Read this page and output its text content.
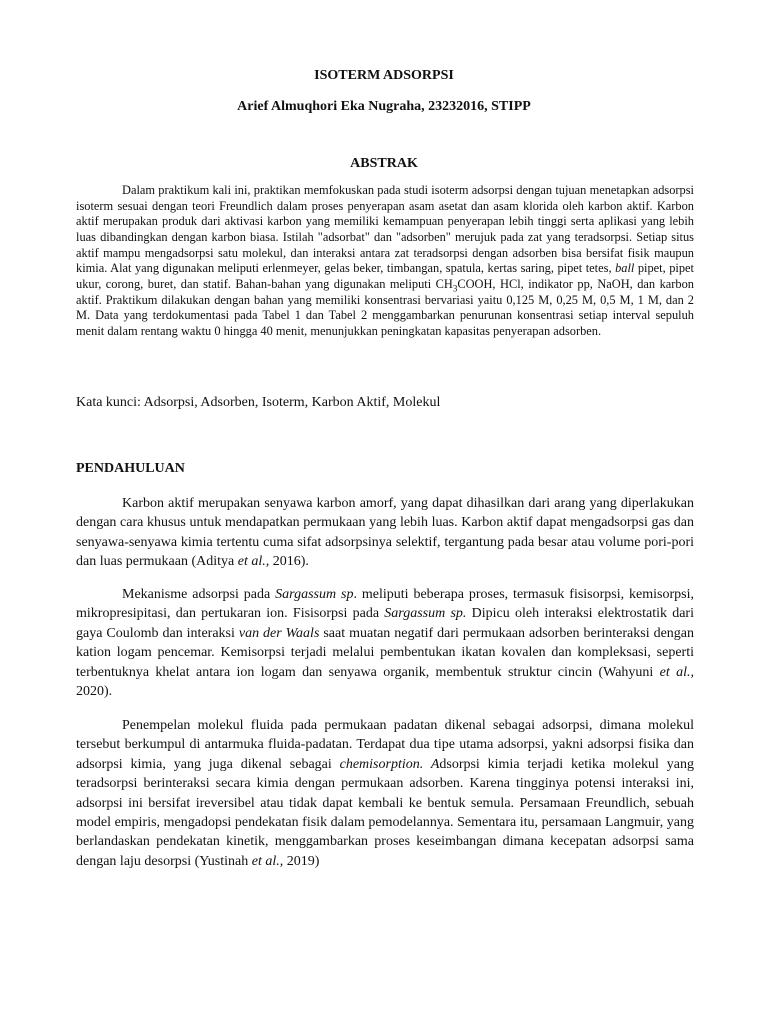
ISOTERM ADSORPSI
Arief Almuqhori Eka Nugraha, 23232016, STIPP
ABSTRAK

Dalam praktikum kali ini, praktikan memfokuskan pada studi isoterm adsorpsi dengan tujuan menetapkan adsorpsi isoterm sesuai dengan teori Freundlich dalam proses penyerapan asam asetat dan asam klorida oleh karbon aktif. Karbon aktif merupakan produk dari aktivasi karbon yang memiliki kemampuan penyerapan lebih tinggi serta aplikasi yang lebih luas dibandingkan dengan karbon biasa. Istilah "adsorbat" dan "adsorben" merujuk pada zat yang teradsorpsi. Setiap situs aktif mampu mengadsorpsi satu molekul, dan interaksi antara zat teradsorpsi dengan adsorben bisa bersifat fisik maupun kimia. Alat yang digunakan meliputi erlenmeyer, gelas beker, timbangan, spatula, kertas saring, pipet tetes, ball pipet, pipet ukur, corong, buret, dan statif. Bahan-bahan yang digunakan meliputi $CH_3COOH$, HCl, indikator pp, NaOH, dan karbon aktif. Praktikum dilakukan dengan bahan yang memiliki konsentrasi bervariasi yaitu 0,125 M, 0,25 M, 0,5 M, 1 M, dan 2 M. Data yang terdokumentasi pada Tabel 1 dan Tabel 2 menggambarkan penurunan konsentrasi setiap interval sepuluh menit dalam rentang waktu 0 hingga 40 menit, menunjukkan peningkatan kapasitas penyerapan adsorben.

Kata kunci: Adsorpsi, Adsorben, Isoterm, Karbon Aktif, Molekul

PENDAHULUAN

Karbon aktif merupakan senyawa karbon amorf, yang dapat dihasilkan dari arang yang diperlakukan dengan cara khusus untuk mendapatkan permukaan yang lebih luas. Karbon aktif dapat mengadsorpsi gas dan senyawa-senyawa kimia tertentu cuma sifat adsorpsinya selektif, tergantung pada besar atau volume pori-pori dan luas permukaan (Aditya et al., 2016).

Mekanisme adsorpsi pada Sargassum sp. meliputi beberapa proses, termasuk fisisorpsi, kemisorpsi, mikropresipitasi, dan pertukaran ion. Fisisorpsi pada Sargassum sp. Dipicu oleh interaksi elektrostatik dari gaya Coulomb dan interaksi van der Waals saat muatan negatif dari permukaan adsorben berinteraksi dengan kation logam pencemar. Kemisorpsi terjadi melalui pembentukan ikatan kovalen dan kompleksasi, seperti terbentuknya khelat antara ion logam dan senyawa organik, membentuk struktur cincin (Wahyuni et al., 2020).

Penempelan molekul fluida pada permukaan padatan dikenal sebagai adsorpsi, dimana molekul tersebut berkumpul di antarmuka fluida-padatan. Terdapat dua tipe utama adsorpsi, yakni adsorpsi fisika dan adsorpsi kimia, yang juga dikenal sebagai chemisorption. Adsorpsi kimia terjadi ketika molekul yang teradsorpsi berinteraksi secara kimia dengan permukaan adsorben. Karena tingginya potensi interaksi ini, adsorpsi ini bersifat ireversibel atau tidak dapat kembali ke bentuk semula. Persamaan Freundlich, sebuah model empiris, mengadopsi pendekatan fisik dalam pemodelannya. Sementara itu, persamaan Langmuir, yang berlandaskan pendekatan kinetik, menggambarkan proses keseimbangan dimana kecepatan adsorpsi sama dengan laju desorpsi (Yustinah et al., 2019)
